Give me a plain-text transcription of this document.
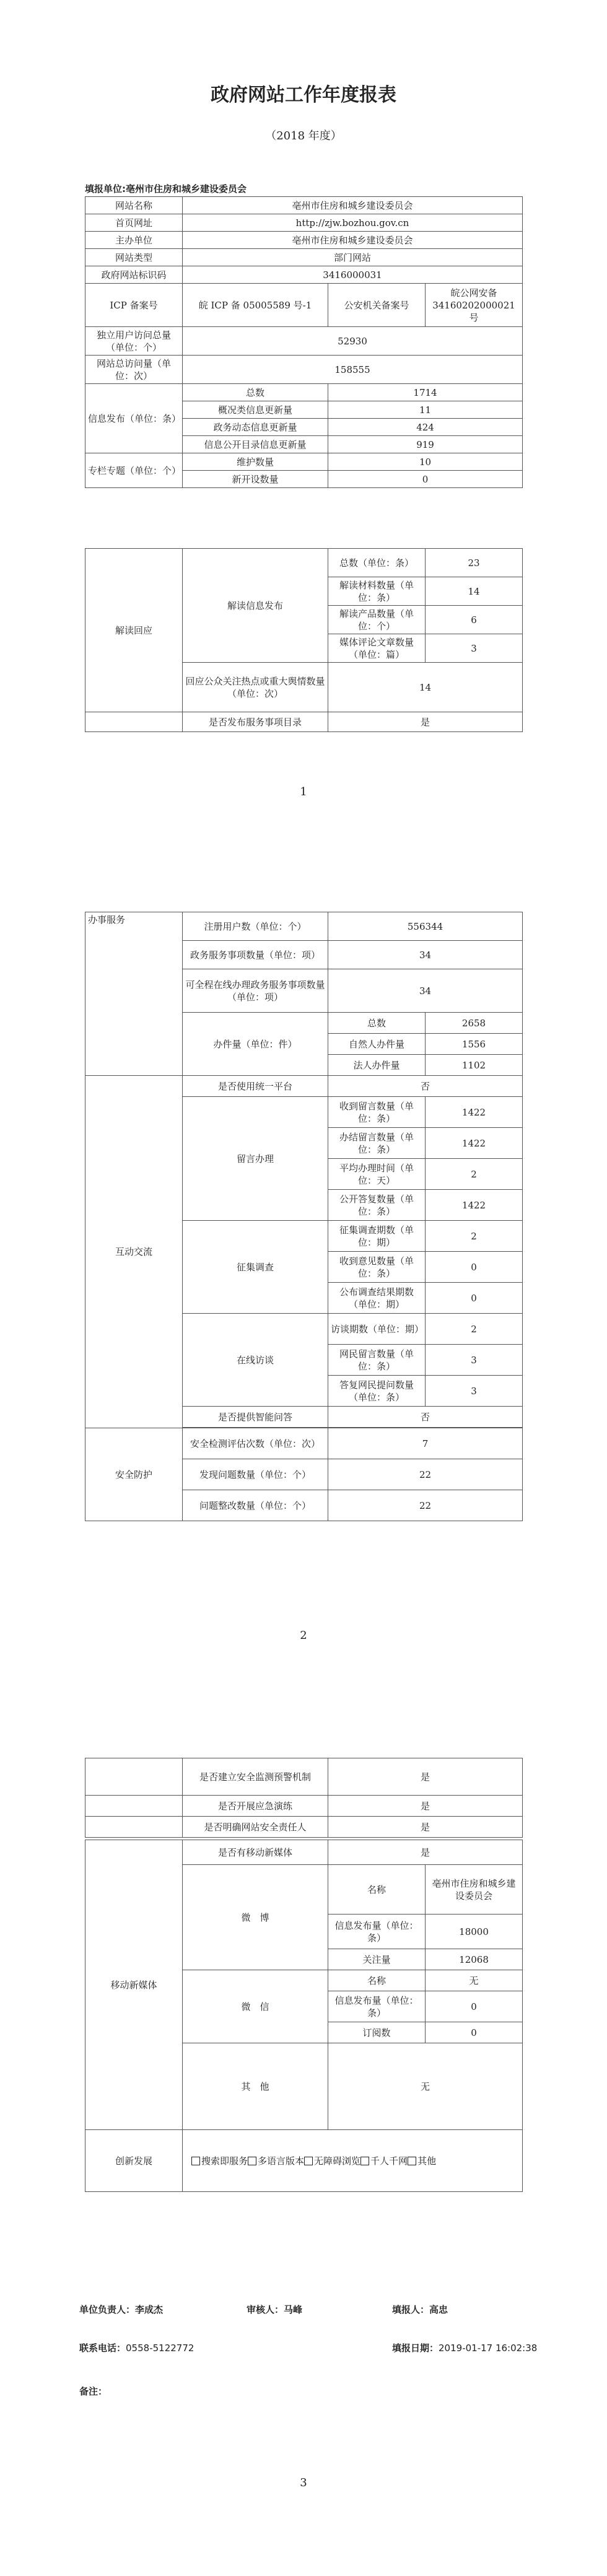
政府网站工作年度报表
（2018 年度）
填报单位:亳州市住房和城乡建设委员会
网站名称	亳州市住房和城乡建设委员会		
首页网址	http://zjw.bozhou.gov.cn		
主办单位	亳州市住房和城乡建设委员会		
网站类型	部门网站		
政府网站标识码	3416000031		
ICP 备案号	皖 ICP 备 05005589 号-1	公安机关备案号	皖公网安备 34160202000021 号
独立用户访问总量（单位：个）	52930		
网站总访问量（单位：次）	158555		
信息发布（单位：条）	总数	1714	
	概况类信息更新量	11	
	政务动态信息更新量	424	
	信息公开目录信息更新量	919	
专栏专题（单位：个）	维护数量	10	
	新开设数量	0	
解读回应	解读信息发布	总数（单位：条）	23
		解读材料数量（单位：条）	14
		解读产品数量（单位：个）	6
		媒体评论文章数量（单位：篇）	3
	回应公众关注热点或重大舆情数量（单位：次）	14	
	是否发布服务事项目录	是	
1
办事服务	注册用户数（单位：个）	556344	
	政务服务事项数量（单位：项）	34	
	可全程在线办理政务服务事项数量（单位：项）	34	
	办件量（单位：件）	总数	2658
		自然人办件量	1556
		法人办件量	1102
互动交流	是否使用统一平台	否	
	留言办理	收到留言数量（单位：条）	1422
		办结留言数量（单位：条）	1422
		平均办理时间（单位：天）	2
		公开答复数量（单位：条）	1422
	征集调查	征集调查期数（单位：期）	2
		收到意见数量（单位：条）	0
		公布调查结果期数（单位：期）	0
	在线访谈	访谈期数（单位：期）	2
		网民留言数量（单位：条）	3
		答复网民提问数量（单位：条）	3
	是否提供智能问答	否	

安全防护	安全检测评估次数（单位：次）	7	
	发现问题数量（单位：个）	22	
	问题整改数量（单位：个）	22	
2
	是否建立安全监测预警机制	是	
	是否开展应急演练	是	
	是否明确网站安全责任人	是	

移动新媒体	是否有移动新媒体	是	
	微　博	名称	亳州市住房和城乡建设委员会
		信息发布量（单位：条）	18000
		关注量	12068
	微　信	名称	无
		信息发布量（单位：条）	0
		订阅数	0
	其　他	无	
创新发展	搜索即服务 多语言版本 无障碍浏览 千人千网 其他		
单位负责人：李成杰	审核人：马峰	填报人：高忠
联系电话：0558-5122772	填报日期：2019-01-17 16:02:38
备注：
3
